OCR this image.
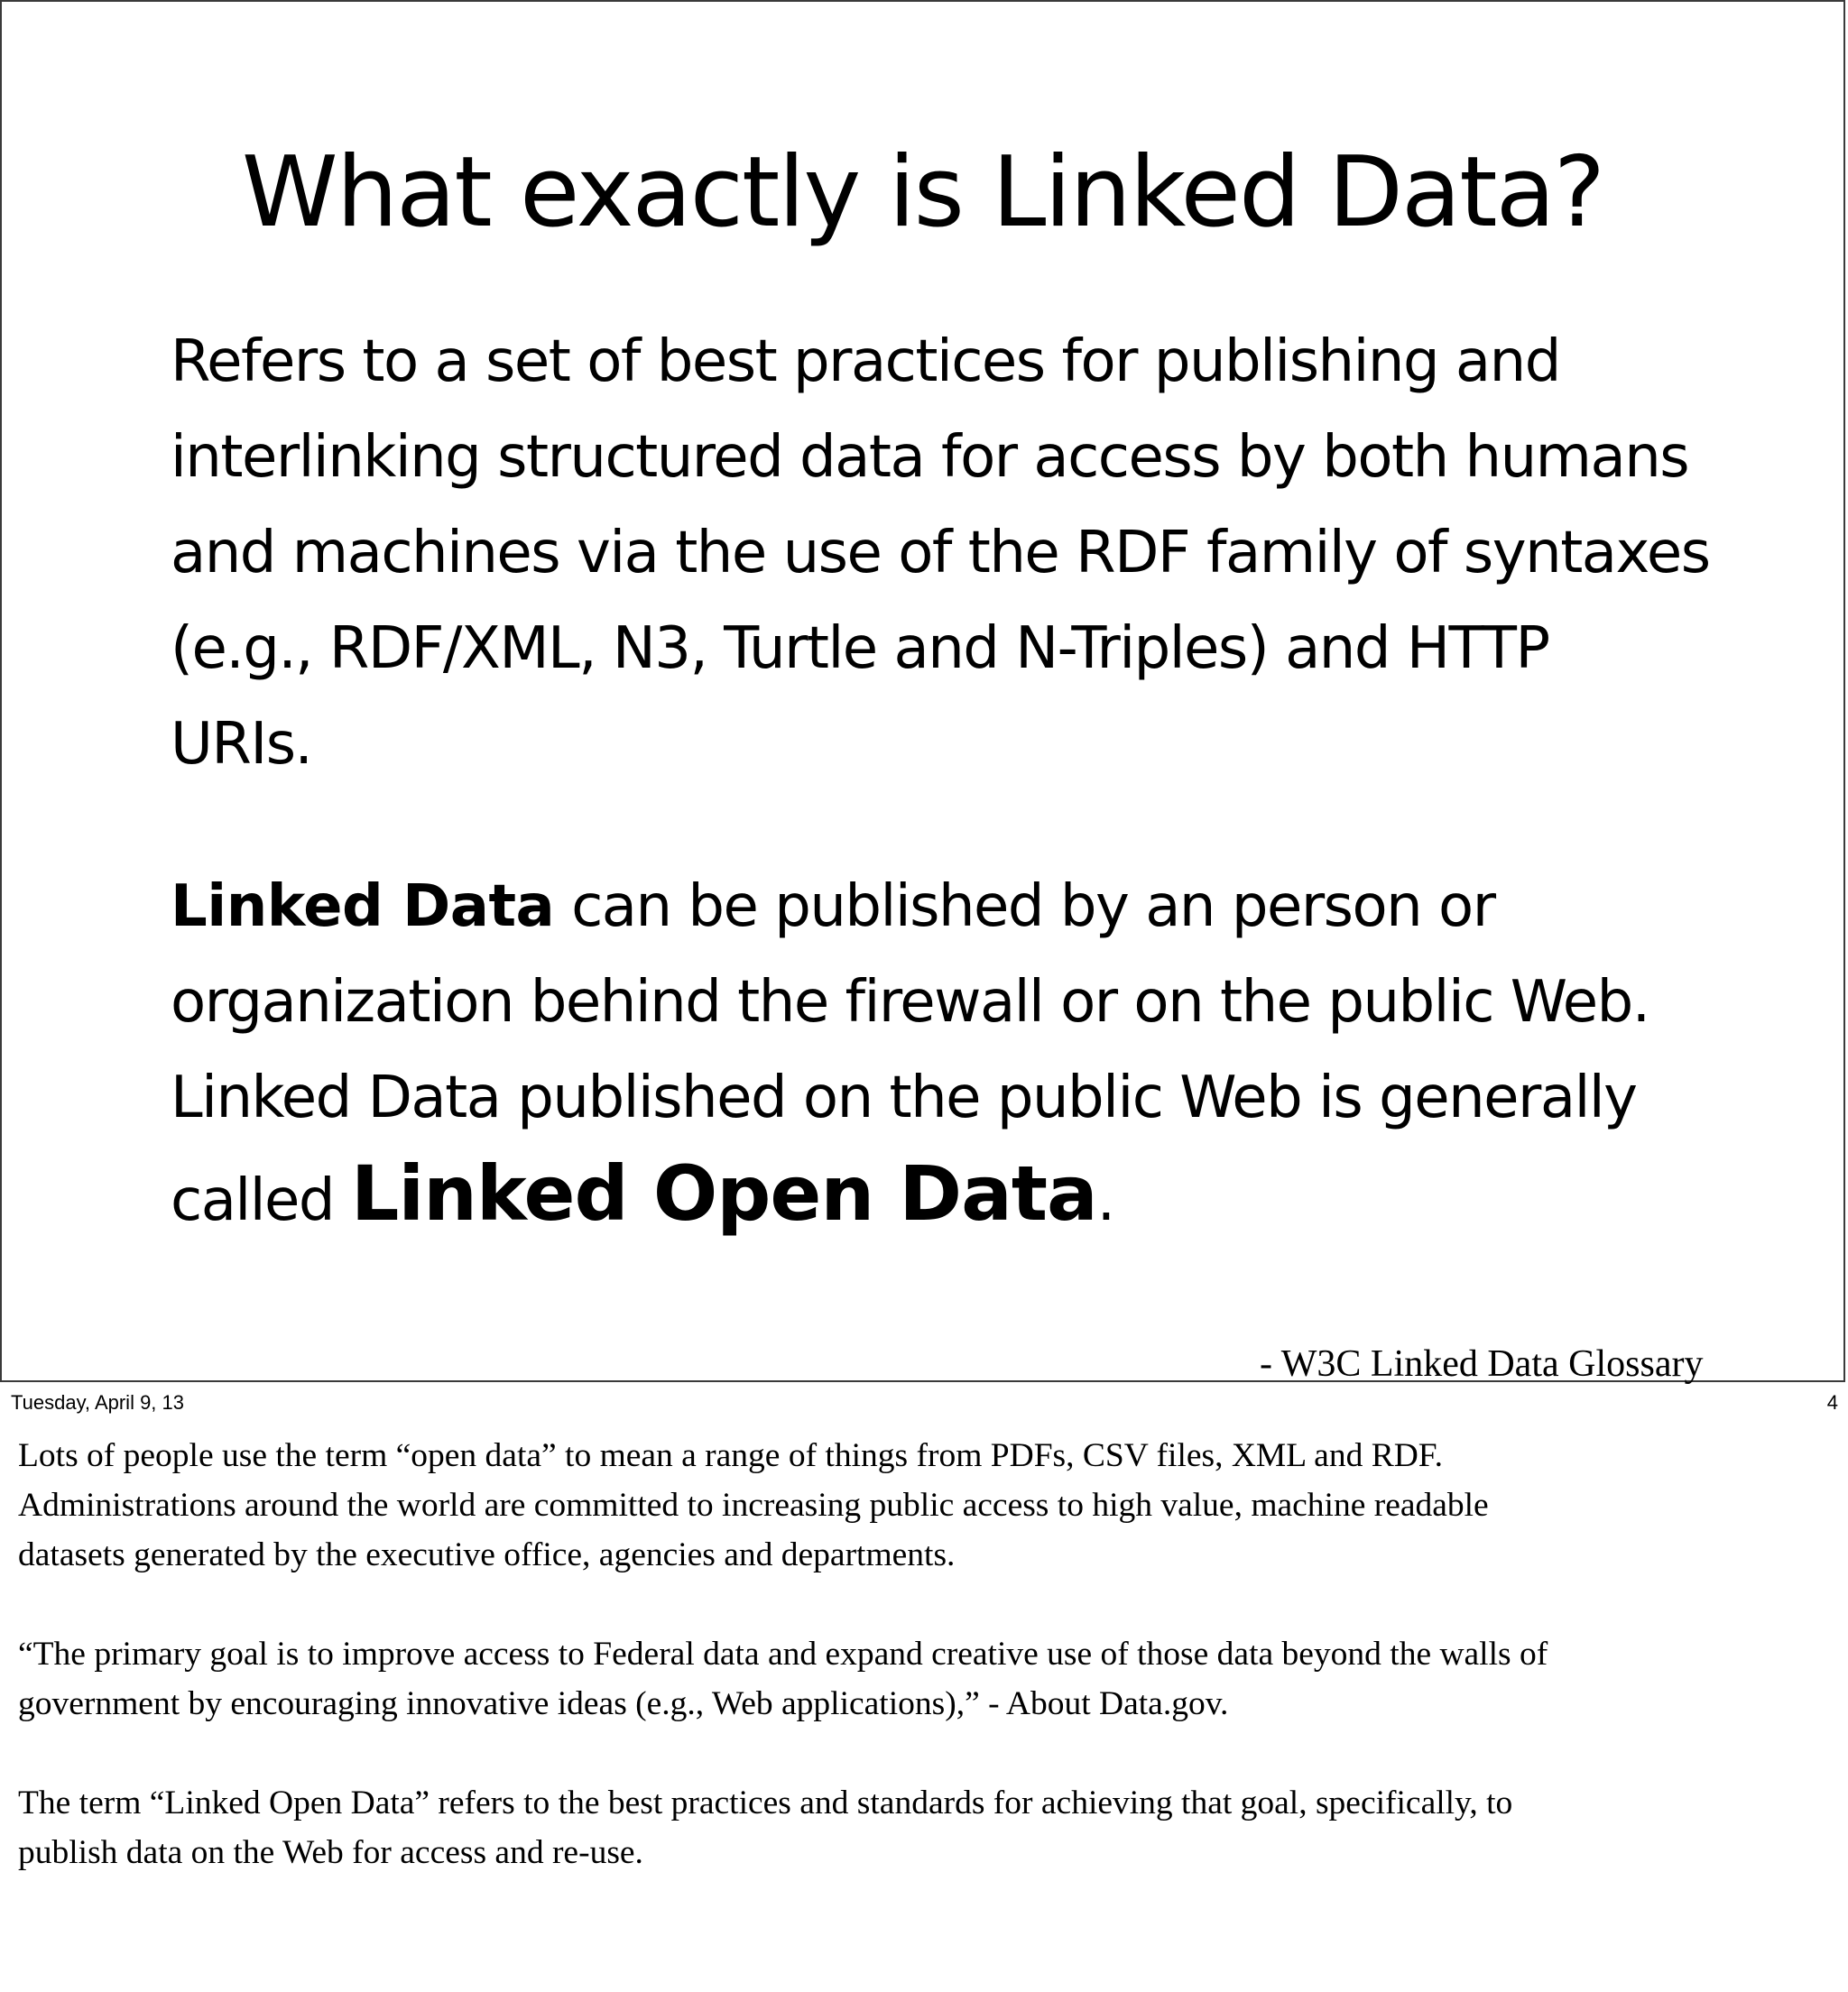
What exactly is Linked Data?

Refers to a set of best practices for publishing and
interlinking structured data for access by both humans
and machines via the use of the RDF family of syntaxes
(e.g., RDF/XML, N3, Turtle and N-Triples) and HTTP
URIs.

Linked Data can be published by an person or
organization behind the firewall or on the public Web.
Linked Data published on the public Web is generally
called Linked Open Data.

- W3C Linked Data Glossary
Tuesday, April 9, 13	4

Lots of people use the term “open data” to mean a range of things from PDFs, CSV files, XML and RDF.
Administrations around the world are committed to increasing public access to high value, machine readable
datasets generated by the executive office, agencies and departments.

“The primary goal is to improve access to Federal data and expand creative use of those data beyond the walls of
government by encouraging innovative ideas (e.g., Web applications),” - About Data.gov.

The term “Linked Open Data” refers to the best practices and standards for achieving that goal, specifically, to
publish data on the Web for access and re-use.
